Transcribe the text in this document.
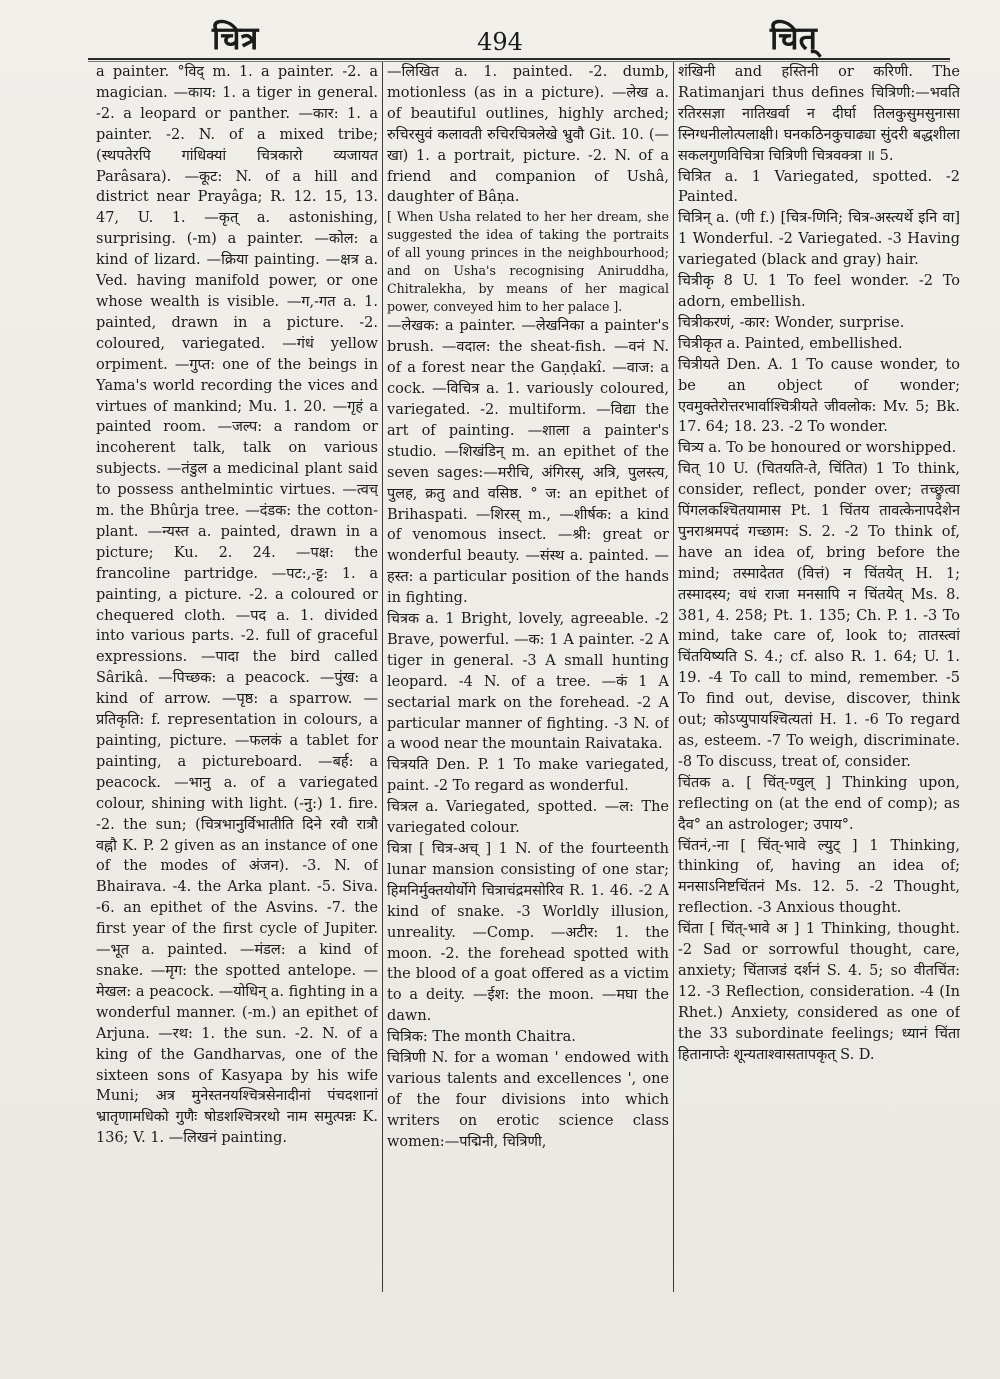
चित्र	494	चित्

a painter. °विद् m. 1. a painter. -2. a magician. —काय: 1. a tiger in general. -2. a leopard or panther. —कार: 1. a painter. -2. N. of a mixed tribe; (स्थपतेरपि गांधिक्यां चित्रकारो व्यजायत Parâsara). —कूट: N. of a hill and district near Prayâga; R. 12. 15, 13. 47, U. 1. —कृत् a. astonishing, surprising. (-m) a painter. —कोल: a kind of lizard. —क्रिया painting. —क्षत्र a. Ved. having manifold power, or one whose wealth is visible. —ग,-गत a. 1. painted, drawn in a picture. -2. coloured, variegated. —गंधं yellow orpiment. —गुप्त: one of the beings in Yama's world recording the vices and virtues of mankind; Mu. 1. 20. —गृहं a painted room. —जल्प: a random or incoherent talk, talk on various subjects. —तंडुल a medicinal plant said to possess anthelmintic virtues. —त्वच् m. the Bhûrja tree. —दंडक: the cotton-plant. —न्यस्त a. painted, drawn in a picture; Ku. 2. 24. —पक्ष: the francoline partridge. —पट:,-ट्ट: 1. a painting, a picture. -2. a coloured or chequered cloth. —पद a. 1. divided into various parts. -2. full of graceful expressions. —पादा the bird called Sârikâ. —पिच्छक: a peacock. —पुंख: a kind of arrow. —पृष्ठ: a sparrow. —प्रतिकृति: f. representation in colours, a painting, picture. —फलकं a tablet for painting, a pictureboard. —बर्ह: a peacock. —भानु a. of a variegated colour, shining with light. (-नु:) 1. fire. -2. the sun; (चित्रभानुर्विभातीति दिने रवौ रात्रौ वह्नौ K. P. 2 given as an instance of one of the modes of अंजन). -3. N. of Bhairava. -4. the Arka plant. -5. Siva. -6. an epithet of the Asvins. -7. the first year of the first cycle of Jupiter. —भूत a. painted. —मंडल: a kind of snake. —मृग: the spotted antelope. —मेखल: a peacock. —योधिन् a. fighting in a wonderful manner. (-m.) an epithet of Arjuna. —रथ: 1. the sun. -2. N. of a king of the Gandharvas, one of the sixteen sons of Kasyapa by his wife Muni; अत्र मुनेस्तनयश्चित्रसेनादीनां पंचदशानां भ्रातृणामधिको गुणैः षोडशश्चित्ररथो नाम समुत्पन्नः K. 136; V. 1. —लिखनं painting.

—लिखित a. 1. painted. -2. dumb, motionless (as in a picture). —लेख a. of beautiful outlines, highly arched; रुचिरसुवं कलावती रुचिरचित्रलेखे भ्रुवौ Git. 10. (—खा) 1. a portrait, picture. -2. N. of a friend and companion of Ushâ, daughter of Bâṇa.

[ When Usha related to her her dream, she suggested the idea of taking the portraits of all young princes in the neighbourhood; and on Usha's recognising Aniruddha, Chitralekha, by means of her magical power, conveyed him to her palace ].

—लेखक: a painter. —लेखनिका a painter's brush. —वदाल: the sheat-fish. —वनं N. of a forest near the Gaṇḍakî. —वाज: a cock. —विचित्र a. 1. variously coloured, variegated. -2. multiform. —विद्या the art of painting. —शाला a painter's studio. —शिखंडिन् m. an epithet of the seven sages:—मरीचि, अंगिरस्, अत्रि, पुलस्त्य, पुलह, क्रतु and वसिष्ठ. ° ज: an epithet of Brihaspati. —शिरस् m., —शीर्षक: a kind of venomous insect. —श्री: great or wonderful beauty. —संस्थ a. painted. —हस्त: a particular position of the hands in fighting.

चित्रक a. 1 Bright, lovely, agreeable. -2 Brave, powerful. —क: 1 A painter. -2 A tiger in general. -3 A small hunting leopard. -4 N. of a tree. —कं 1 A sectarial mark on the forehead. -2 A particular manner of fighting. -3 N. of a wood near the mountain Raivataka.

चित्रयति Den. P. 1 To make variegated, paint. -2 To regard as wonderful.

चित्रल a. Variegated, spotted. —ल: The variegated colour.

चित्रा [ चित्र-अच् ] 1 N. of the fourteenth lunar mansion consisting of one star; हिमनिर्मुक्तयोर्योगे चित्राचंद्रमसोरिव R. 1. 46. -2 A kind of snake. -3 Worldly illusion, unreality. —Comp. —अटीर: 1. the moon. -2. the forehead spotted with the blood of a goat offered as a victim to a deity. —ईश: the moon. —मघा the dawn.

चित्रिक: The month Chaitra.

चित्रिणी N. for a woman ' endowed with various talents and excellences ', one of the four divisions into which writers on erotic science class women:—पद्मिनी, चित्रिणी,

शंखिनी and हस्तिनी or करिणी. The Ratimanjari thus defines चित्रिणी:—भवति रतिरसज्ञा नातिखर्वा न दीर्घा तिलकुसुमसुनासा स्निग्धनीलोत्पलाक्षी। घनकठिनकुचाढ्या सुंदरी बद्धशीला सकलगुणविचित्रा चित्रिणी चित्रवक्त्रा ॥ 5.

चित्रित a. 1 Variegated, spotted. -2 Painted.

चित्रिन् a. (णी f.) [चित्र-णिनि; चित्र-अस्त्यर्थे इनि वा] 1 Wonderful. -2 Variegated. -3 Having variegated (black and gray) hair.

चित्रीकृ 8 U. 1 To feel wonder. -2 To adorn, embellish.

चित्रीकरणं, -कार: Wonder, surprise.

चित्रीकृत a. Painted, embellished.

चित्रीयते Den. A. 1 To cause wonder, to be an object of wonder; एवमुक्तेरोत्तरभार्वाश्चित्रीयते जीवलोक: Mv. 5; Bk. 17. 64; 18. 23. -2 To wonder.

चित्र्य a. To be honoured or worshipped.

चित् 10 U. (चितयति-ते, चिंतित) 1 To think, consider, reflect, ponder over; तच्छ्रुत्वा पिंगलकश्चितयामास Pt. 1 चिंतय तावत्केनापदेशेन पुनराश्रमपदं गच्छाम: S. 2. -2 To think of, have an idea of, bring before the mind; तस्मादेतत (वित्तं) न चिंतयेत् H. 1; तस्मादस्य; वधं राजा मनसापि न चिंतयेत् Ms. 8. 381, 4. 258; Pt. 1. 135; Ch. P. 1. -3 To mind, take care of, look to; तातस्त्वां चिंतयिष्यति S. 4.; cf. also R. 1. 64; U. 1. 19. -4 To call to mind, remember. -5 To find out, devise, discover, think out; कोऽप्युपायश्चित्यतां H. 1. -6 To regard as, esteem. -7 To weigh, discriminate. -8 To discuss, treat of, consider.

चिंतक a. [ चिंत्-ण्वुल् ] Thinking upon, reflecting on (at the end of comp); as दैव° an astrologer; उपाय°.

चिंतनं,-ना [ चिंत्-भावे ल्युट् ] 1 Thinking, thinking of, having an idea of; मनसाऽनिष्टचिंतनं Ms. 12. 5. -2 Thought, reflection. -3 Anxious thought.

चिंता [ चिंत्-भावे अ ] 1 Thinking, thought. -2 Sad or sorrowful thought, care, anxiety; चिंताजडं दर्शनं S. 4. 5; so वीतचिंत: 12. -3 Reflection, consideration. -4 (In Rhet.) Anxiety, considered as one of the 33 subordinate feelings; ध्यानं चिंता हितानाप्तेः शून्यताश्वासतापकृत् S. D.
